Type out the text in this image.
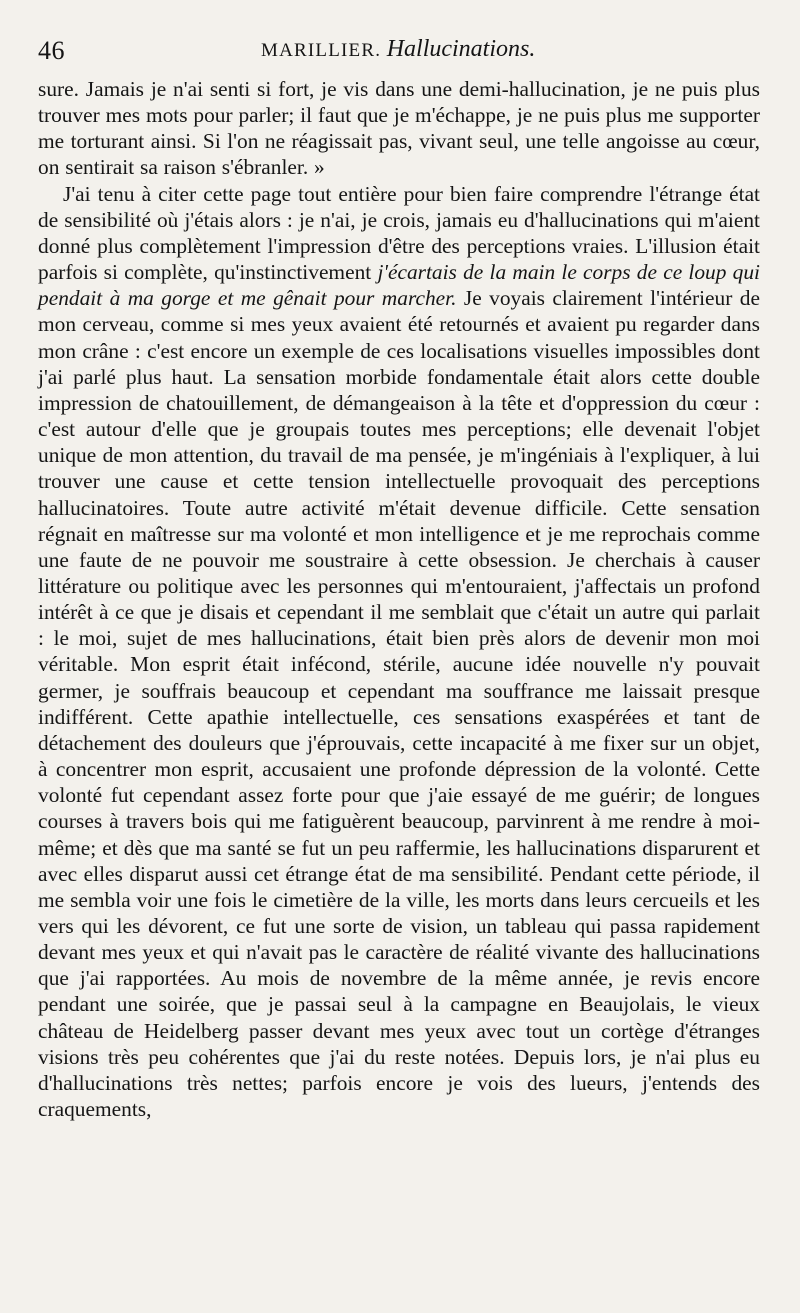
46	MARILLIER. Hallucinations.

sure. Jamais je n'ai senti si fort, je vis dans une demi-hallucination, je ne puis plus trouver mes mots pour parler; il faut que je m'échappe, je ne puis plus me supporter me torturant ainsi. Si l'on ne réagissait pas, vivant seul, une telle angoisse au cœur, on sentirait sa raison s'ébranler. »

J'ai tenu à citer cette page tout entière pour bien faire comprendre l'étrange état de sensibilité où j'étais alors : je n'ai, je crois, jamais eu d'hallucinations qui m'aient donné plus complètement l'impression d'être des perceptions vraies. L'illusion était parfois si complète, qu'instinctivement j'écartais de la main le corps de ce loup qui pendait à ma gorge et me gênait pour marcher. Je voyais clairement l'intérieur de mon cerveau, comme si mes yeux avaient été retournés et avaient pu regarder dans mon crâne : c'est encore un exemple de ces localisations visuelles impossibles dont j'ai parlé plus haut. La sensation morbide fondamentale était alors cette double impression de chatouillement, de démangeaison à la tête et d'oppression du cœur : c'est autour d'elle que je groupais toutes mes perceptions; elle devenait l'objet unique de mon attention, du travail de ma pensée, je m'ingéniais à l'expliquer, à lui trouver une cause et cette tension intellectuelle provoquait des perceptions hallucinatoires. Toute autre activité m'était devenue difficile. Cette sensation régnait en maîtresse sur ma volonté et mon intelligence et je me reprochais comme une faute de ne pouvoir me soustraire à cette obsession. Je cherchais à causer littérature ou politique avec les personnes qui m'entouraient, j'affectais un profond intérêt à ce que je disais et cependant il me semblait que c'était un autre qui parlait : le moi, sujet de mes hallucinations, était bien près alors de devenir mon moi véritable. Mon esprit était infécond, stérile, aucune idée nouvelle n'y pouvait germer, je souffrais beaucoup et cependant ma souffrance me laissait presque indifférent. Cette apathie intellectuelle, ces sensations exaspérées et tant de détachement des douleurs que j'éprouvais, cette incapacité à me fixer sur un objet, à concentrer mon esprit, accusaient une profonde dépression de la volonté. Cette volonté fut cependant assez forte pour que j'aie essayé de me guérir; de longues courses à travers bois qui me fatiguèrent beaucoup, parvinrent à me rendre à moi-même; et dès que ma santé se fut un peu raffermie, les hallucinations disparurent et avec elles disparut aussi cet étrange état de ma sensibilité. Pendant cette période, il me sembla voir une fois le cimetière de la ville, les morts dans leurs cercueils et les vers qui les dévorent, ce fut une sorte de vision, un tableau qui passa rapidement devant mes yeux et qui n'avait pas le caractère de réalité vivante des hallucinations que j'ai rapportées. Au mois de novembre de la même année, je revis encore pendant une soirée, que je passai seul à la campagne en Beaujolais, le vieux château de Heidelberg passer devant mes yeux avec tout un cortège d'étranges visions très peu cohérentes que j'ai du reste notées. Depuis lors, je n'ai plus eu d'hallucinations très nettes; parfois encore je vois des lueurs, j'entends des craquements,
